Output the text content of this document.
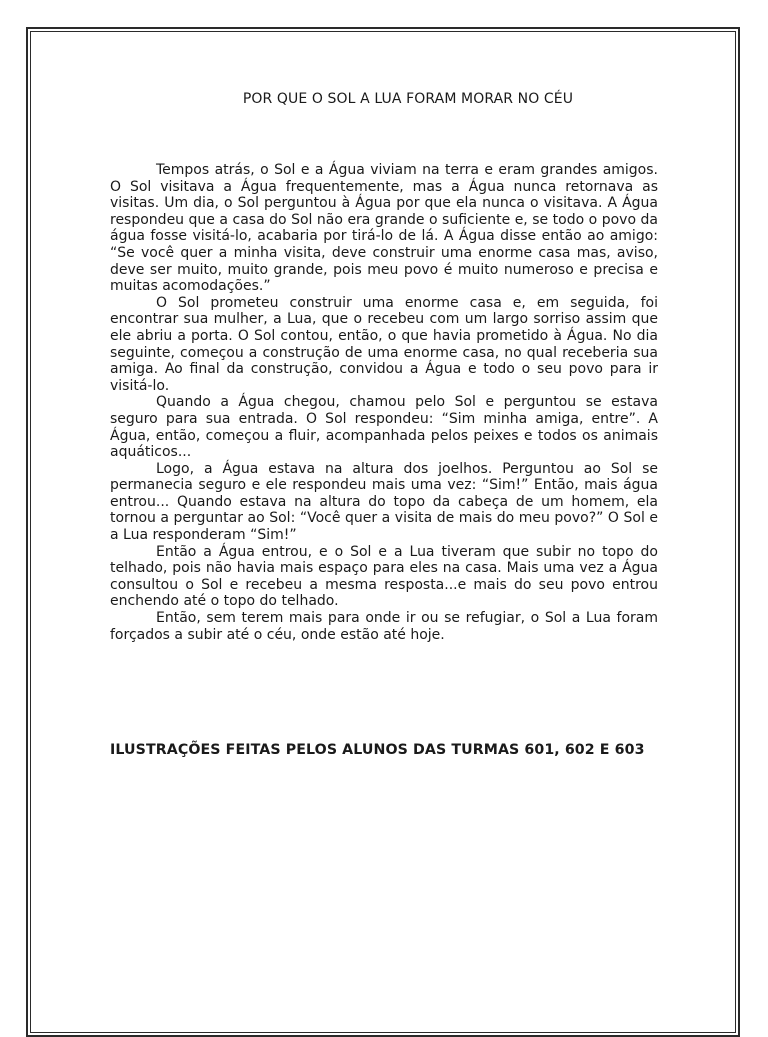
POR QUE O SOL A LUA FORAM MORAR NO CÉU

Tempos atrás, o Sol e a Água viviam na terra e eram grandes amigos. O Sol visitava a Água frequentemente, mas a Água nunca retornava as visitas. Um dia, o Sol perguntou à Água por que ela nunca o visitava. A Água respondeu que a casa do Sol não era grande o suficiente e, se todo o povo da água fosse visitá-lo, acabaria por tirá-lo de lá. A Água disse então ao amigo: “Se você quer a minha visita, deve construir uma enorme casa mas, aviso, deve ser muito, muito grande, pois meu povo é muito numeroso e precisa e muitas acomodações.”

O Sol prometeu construir uma enorme casa e, em seguida, foi encontrar sua mulher, a Lua, que o recebeu com um largo sorriso assim que ele abriu a porta. O Sol contou, então, o que havia prometido à Água. No dia seguinte, começou a construção de uma enorme casa, no qual receberia sua amiga. Ao final da construção, convidou a Água e todo o seu povo para ir visitá-lo.

Quando a Água chegou, chamou pelo Sol e perguntou se estava seguro para sua entrada. O Sol respondeu: “Sim minha amiga, entre”. A Água, então, começou a fluir, acompanhada pelos peixes e todos os animais aquáticos...

Logo, a Água estava na altura dos joelhos. Perguntou ao Sol se permanecia seguro e ele respondeu mais uma vez: “Sim!” Então, mais água entrou... Quando estava na altura do topo da cabeça de um homem, ela tornou a perguntar ao Sol: “Você quer a visita de mais do meu povo?” O Sol e a Lua responderam “Sim!”

Então a Água entrou, e o Sol e a Lua tiveram que subir no topo do telhado, pois não havia mais espaço para eles na casa. Mais uma vez a Água consultou o Sol e recebeu a mesma resposta...e mais do seu povo entrou enchendo até o topo do telhado.

Então, sem terem mais para onde ir ou se refugiar, o Sol a Lua foram forçados a subir até o céu, onde estão até hoje.

ILUSTRAÇÕES FEITAS PELOS ALUNOS DAS TURMAS 601, 602 E 603
